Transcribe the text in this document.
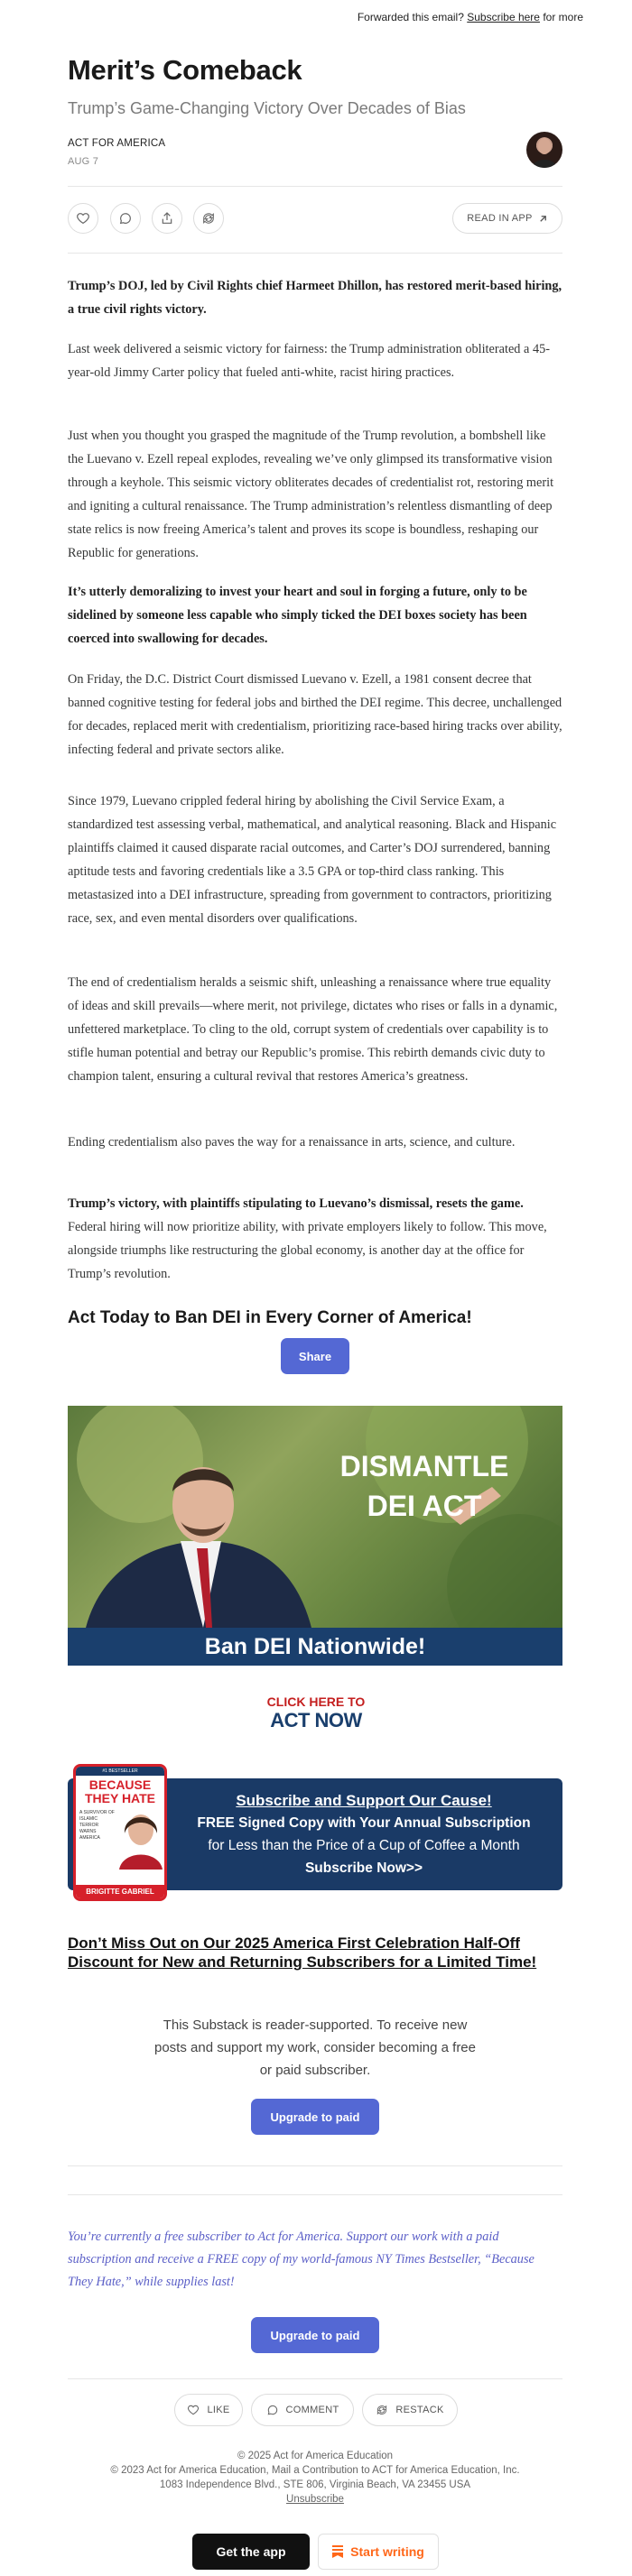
Forwarded this email? Subscribe here for more
Merit’s Comeback
Trump’s Game-Changing Victory Over Decades of Bias
ACT FOR AMERICA
AUG 7
READ IN APP
Trump’s DOJ, led by Civil Rights chief Harmeet Dhillon, has restored merit-based hiring, a true civil rights victory.
Last week delivered a seismic victory for fairness: the Trump administration obliterated a 45-year-old Jimmy Carter policy that fueled anti-white, racist hiring practices.
Just when you thought you grasped the magnitude of the Trump revolution, a bombshell like the Luevano v. Ezell repeal explodes, revealing we’ve only glimpsed its transformative vision through a keyhole. This seismic victory obliterates decades of credentialist rot, restoring merit and igniting a cultural renaissance. The Trump administration’s relentless dismantling of deep state relics is now freeing America’s talent and proves its scope is boundless, reshaping our Republic for generations.
It’s utterly demoralizing to invest your heart and soul in forging a future, only to be sidelined by someone less capable who simply ticked the DEI boxes society has been coerced into swallowing for decades.
On Friday, the D.C. District Court dismissed Luevano v. Ezell, a 1981 consent decree that banned cognitive testing for federal jobs and birthed the DEI regime. This decree, unchallenged for decades, replaced merit with credentialism, prioritizing race-based hiring tracks over ability, infecting federal and private sectors alike.
Since 1979, Luevano crippled federal hiring by abolishing the Civil Service Exam, a standardized test assessing verbal, mathematical, and analytical reasoning. Black and Hispanic plaintiffs claimed it caused disparate racial outcomes, and Carter’s DOJ surrendered, banning aptitude tests and favoring credentials like a 3.5 GPA or top-third class ranking. This metastasized into a DEI infrastructure, spreading from government to contractors, prioritizing race, sex, and even mental disorders over qualifications.
The end of credentialism heralds a seismic shift, unleashing a renaissance where true equality of ideas and skill prevails—where merit, not privilege, dictates who rises or falls in a dynamic, unfettered marketplace. To cling to the old, corrupt system of credentials over capability is to stifle human potential and betray our Republic’s promise. This rebirth demands civic duty to champion talent, ensuring a cultural revival that restores America’s greatness.
Ending credentialism also paves the way for a renaissance in arts, science, and culture.
Trump’s victory, with plaintiffs stipulating to Luevano’s dismissal, resets the game. Federal hiring will now prioritize ability, with private employers likely to follow. This move, alongside triumphs like restructuring the global economy, is another day at the office for Trump’s revolution.
Act Today to Ban DEI in Every Corner of America!
Share
DISMANTLE
DEI ACT
Ban DEI Nationwide!
CLICK HERE TO
ACT NOW
#1 BESTSELLER
BECAUSE
THEY HATE
A SURVIVOR OF ISLAMIC TERROR WARNS AMERICA
BRIGITTE GABRIEL
Subscribe and Support Our Cause!
FREE Signed Copy with Your Annual Subscription
for Less than the Price of a Cup of Coffee a Month
Subscribe Now>>
Don’t Miss Out on Our 2025 America First Celebration Half-Off Discount for New and Returning Subscribers for a Limited Time!
This Substack is reader-supported. To receive new posts and support my work, consider becoming a free or paid subscriber.
Upgrade to paid
You’re currently a free subscriber to Act for America. Support our work with a paid subscription and receive a FREE copy of my world-famous NY Times Bestseller, “Because They Hate,” while supplies last!
Upgrade to paid
LIKE	COMMENT	RESTACK
© 2025 Act for America Education
© 2023 Act for America Education, Mail a Contribution to ACT for America Education, Inc.
1083 Independence Blvd., STE 806, Virginia Beach, VA 23455 USA
Unsubscribe
Get the app	Start writing
